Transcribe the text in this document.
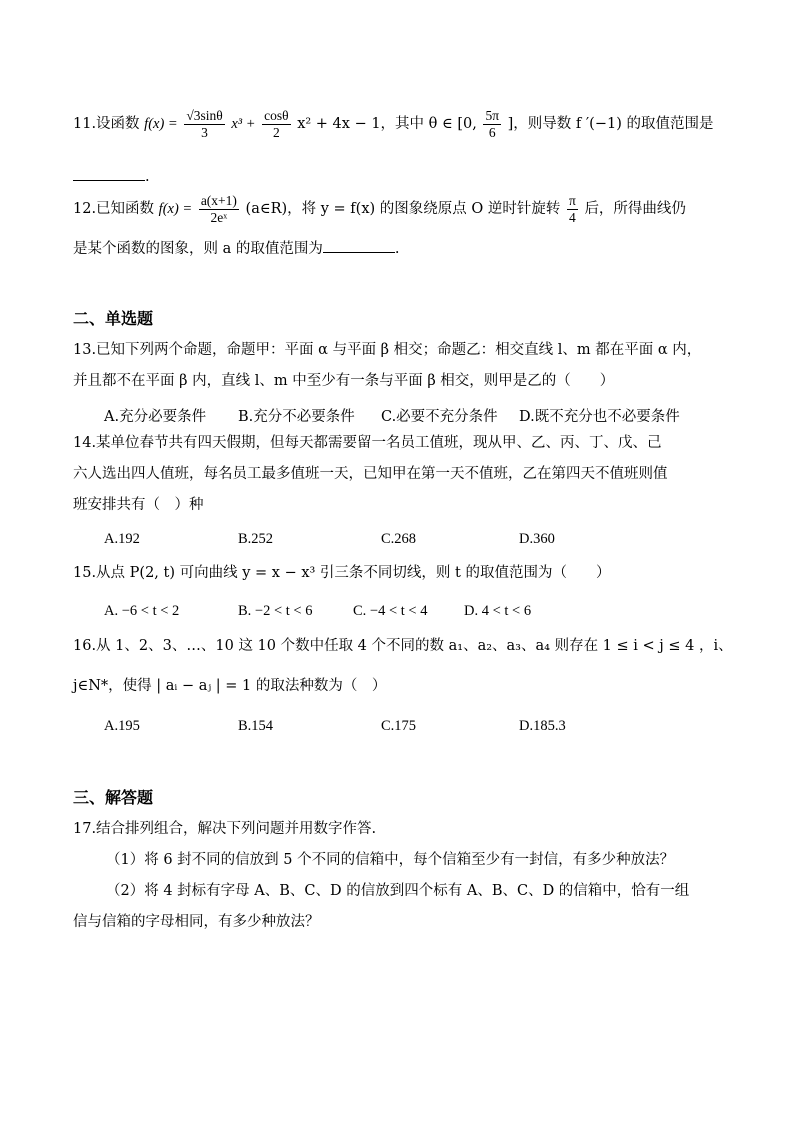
11.设函数 $f(x) = \frac{√3\sin\theta}{3} x^3 + \frac{\cos\theta}{2} x^2 + 4x - 1$，其中 θ ∈ [0, $\frac{5\pi}{6}$ ]，则导数 f ′(−1) 的取值范围是
.
12.已知函数 $f(x) = \frac{a(x+1)}{\text{2eˣ}}$ (a∈R)，将 y = f(x) 的图象绕原点 O 逆时针旋转 $\frac{\pi}{4}$ 后，所得曲线仍
是某个函数的图象，则 a 的取值范围为	.
二、单选题
13.已知下列两个命题，命题甲：平面 α 与平面 β 相交；命题乙：相交直线 l、m 都在平面 α 内，
并且都不在平面 β 内，直线 l、m 中至少有一条与平面 β 相交，则甲是乙的（　　）
A.充分必要条件 B.充分不必要条件 C.必要不充分条件 D.既不充分也不必要条件
14.某单位春节共有四天假期，但每天都需要留一名员工值班，现从甲、乙、丙、丁、戊、己
六人选出四人值班，每名员工最多值班一天，已知甲在第一天不值班，乙在第四天不值班则值
班安排共有（　）种
A.192	B.252	C.268	D.360
15.从点 P(2, t) 可向曲线 y = x − x³ 引三条不同切线，则 t 的取值范围为（　　）
A. −6 < t < 2	B. −2 < t < 6	C. −4 < t < 4	D. 4 < t < 6
16.从 1、2、3、…、10 这 10 个数中任取 4 个不同的数 a₁、a₂、a₃、a₄ 则存在 1 ≤ i < j ≤ 4 ，i、
j∈N*，使得 | aᵢ − aⱼ | = 1 的取法种数为（　）
A.195	B.154	C.175	D.185.3
三、解答题
17.结合排列组合，解决下列问题并用数字作答.
（1）将 6 封不同的信放到 5 个不同的信箱中，每个信箱至少有一封信，有多少种放法？
（2）将 4 封标有字母 A、B、C、D 的信放到四个标有 A、B、C、D 的信箱中，恰有一组
信与信箱的字母相同，有多少种放法？
